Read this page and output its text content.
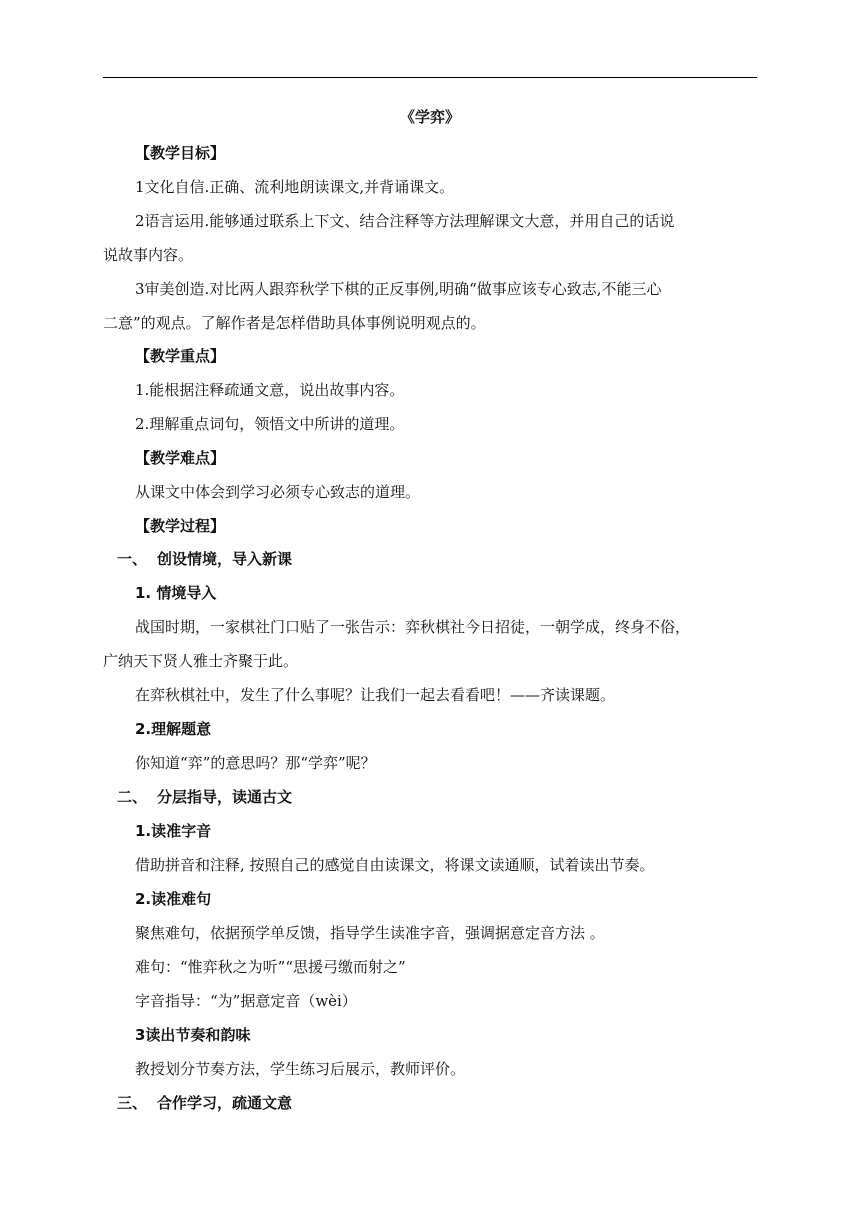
《学弈》
【教学目标】
1文化自信.正确、流利地朗读课文,并背诵课文。
2语言运用.能够通过联系上下文、结合注释等方法理解课文大意，并用自己的话说
说故事内容。
3审美创造.对比两人跟弈秋学下棋的正反事例,明确“做事应该专心致志,不能三心
二意”的观点。了解作者是怎样借助具体事例说明观点的。
【教学重点】
1.能根据注释疏通文意，说出故事内容。
2.理解重点词句，领悟文中所讲的道理。
【教学难点】
从课文中体会到学习必须专心致志的道理。
【教学过程】
一、 创设情境，导入新课
1. 情境导入
战国时期，一家棋社门口贴了一张告示：弈秋棋社今日招徒，一朝学成，终身不俗，
广纳天下贤人雅士齐聚于此。
在弈秋棋社中，发生了什么事呢？让我们一起去看看吧！——齐读课题。
2.理解题意
你知道“弈”的意思吗？那“学弈”呢？
二、 分层指导，读通古文
1.读准字音
借助拼音和注释, 按照自己的感觉自由读课文，将课文读通顺，试着读出节奏。
2.读准难句
聚焦难句，依据预学单反馈，指导学生读准字音，强调据意定音方法 。
难句：“惟弈秋之为听”“思援弓缴而射之”
字音指导：“为”据意定音（wèi）
3读出节奏和韵味
教授划分节奏方法，学生练习后展示，教师评价。
三、 合作学习，疏通文意
